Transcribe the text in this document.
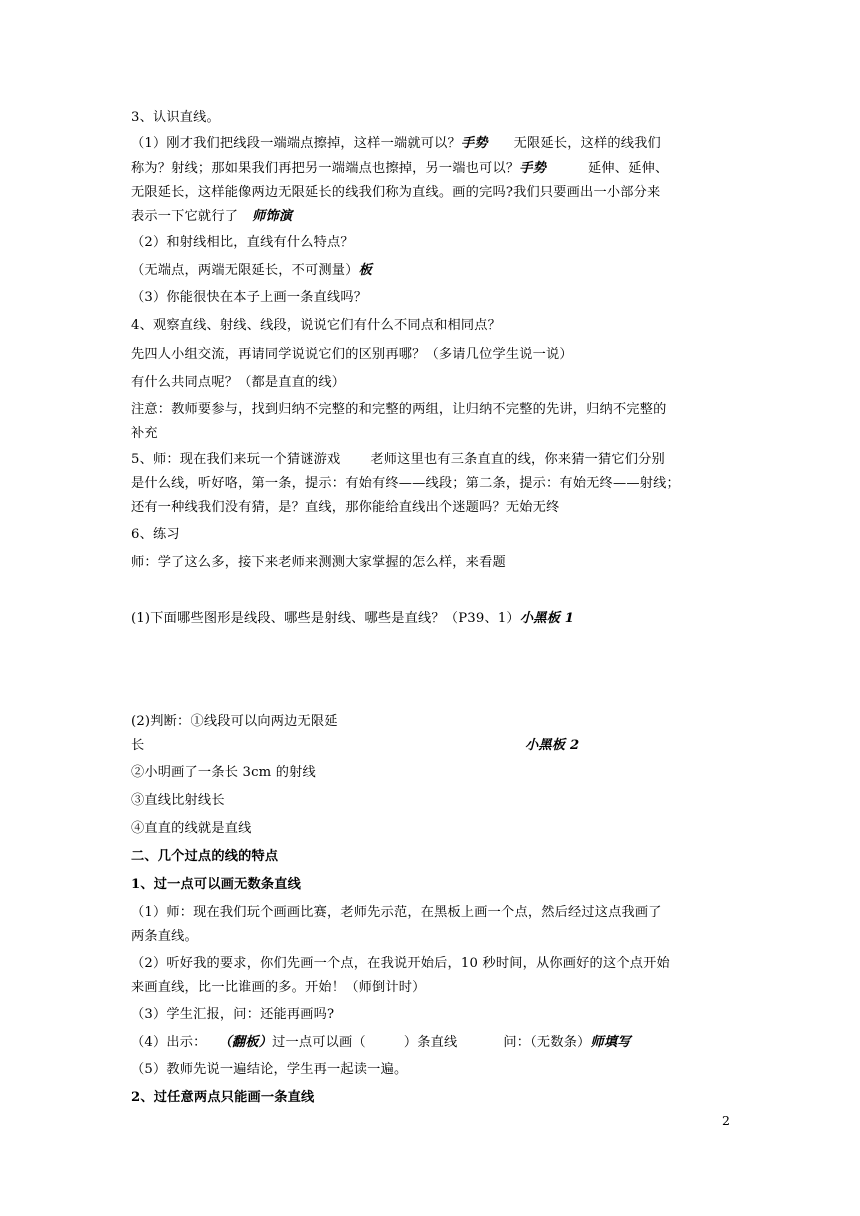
3、认识直线。
（1）刚才我们把线段一端端点擦掉，这样一端就可以？手势 无限延长，这样的线我们
称为？射线；那如果我们再把另一端端点也擦掉，另一端也可以？手势	延伸、延伸、
无限延长，这样能像两边无限延长的线我们称为直线。画的完吗?我们只要画出一小部分来
表示一下它就行了 师饰演
（2）和射线相比，直线有什么特点？
（无端点，两端无限延长，不可测量）板
（3）你能很快在本子上画一条直线吗？
4、观察直线、射线、线段，说说它们有什么不同点和相同点？
先四人小组交流，再请同学说说它们的区别再哪？（多请几位学生说一说）
有什么共同点呢？（都是直直的线）
注意：教师要参与，找到归纳不完整的和完整的两组，让归纳不完整的先讲，归纳不完整的
补充
5、师：现在我们来玩一个猜谜游戏 老师这里也有三条直直的线，你来猜一猜它们分别
是什么线，听好咯，第一条，提示：有始有终——线段；第二条，提示：有始无终——射线；
还有一种线我们没有猜，是？直线，那你能给直线出个迷题吗？无始无终
6、练习
师：学了这么多，接下来老师来测测大家掌握的怎么样，来看题
(1)下面哪些图形是线段、哪些是射线、哪些是直线？（P39、1）小黑板 1
(2)判断：①线段可以向两边无限延
长	小黑板 2
②小明画了一条长 3cm 的射线
③直线比射线长
④直直的线就是直线
二、几个过点的线的特点
1、过一点可以画无数条直线
（1）师：现在我们玩个画画比赛，老师先示范，在黑板上画一个点，然后经过这点我画了
两条直线。
（2）听好我的要求，你们先画一个点，在我说开始后，10 秒时间，从你画好的这个点开始
来画直线，比一比谁画的多。开始！（师倒计时）
（3）学生汇报，问：还能再画吗?
（4）出示： （翻板）过一点可以画（	）条直线	问：（无数条）师填写
（5）教师先说一遍结论，学生再一起读一遍。
2、过任意两点只能画一条直线
2
